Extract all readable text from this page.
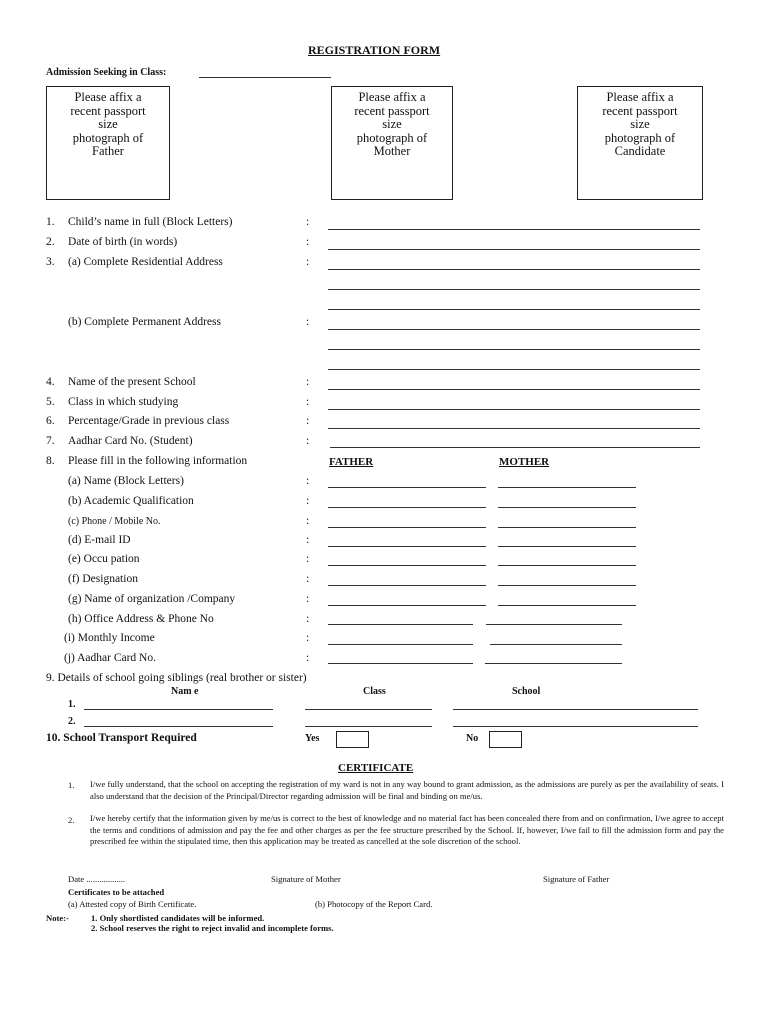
REGISTRATION FORM
Admission Seeking in Class:
Please affix a
recent passport
size
photograph of
Father
Please affix a
recent passport
size
photograph of
Mother
Please affix a
recent passport
size
photograph of
Candidate
1. Child’s name in full (Block Letters)	:
2. Date of birth (in words)	:
3. (a) Complete Residential Address	:
(b) Complete Permanent Address	:
4. Name of the present School	:
5. Class in which studying	:
6. Percentage/Grade in previous class	:
7. Aadhar Card No. (Student)	:
8. Please fill in the following information	FATHER	MOTHER
(a) Name (Block Letters)	:
(b) Academic Qualification	:
(c) Phone / Mobile No.	:
(d) E-mail ID	:
(e) Occu pation	:
(f) Designation	:
(g) Name of organization /Company	:
(h) Office Address & Phone No	:
(i) Monthly Income	:
(j) Aadhar Card No.	:
9. Details of school going siblings (real brother or sister)
Nam e	Class	School
1.
2.
10. School Transport Required	Yes	No
CERTIFICATE
1. I/we fully understand, that the school on accepting the registration of my ward is not in any way bound to grant admission, as the admissions are purely as per the availability of seats. I also understand that the decision of the Principal/Director regarding admission will be final and binding on me/us.
2. I/we hereby certify that the information given by me/us is correct to the best of knowledge and no material fact has been concealed there from and on confirmation, I/we agree to accept the terms and conditions of admission and pay the fee and other charges as per the fee structure prescribed by the School. If, however, I/we fail to fill the admission form and pay the prescribed fee within the stipulated time, then this application may be treated as cancelled at the sole discretion of the school.
Date ..................	Signature of Mother	Signature of Father
Certificates to be attached
(a) Attested copy of Birth Certificate.	(b) Photocopy of the Report Card.
Note:-	1. Only shortlisted candidates will be informed.
2. School reserves the right to reject invalid and incomplete forms.
